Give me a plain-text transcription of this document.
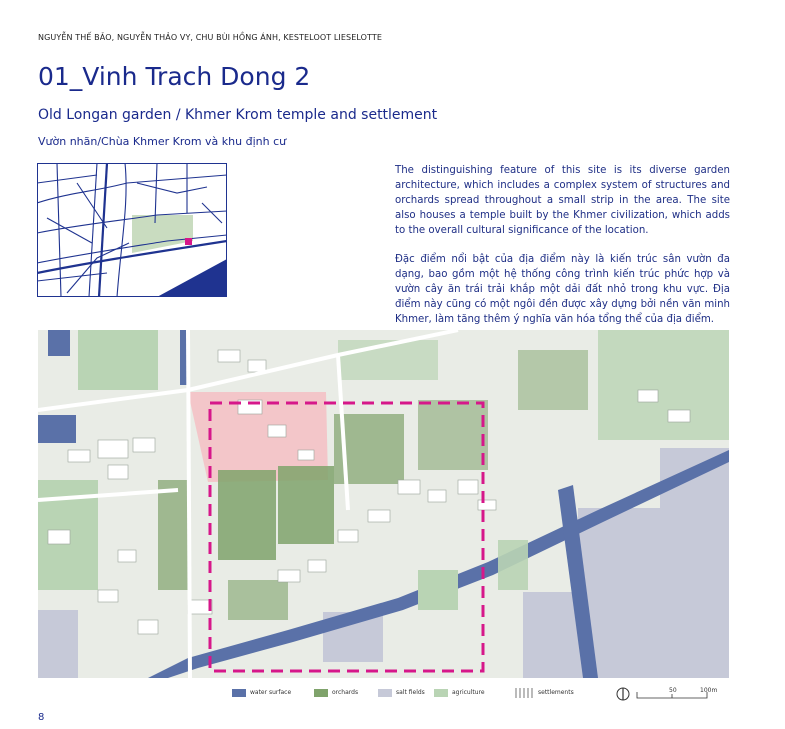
NGUYỄN THẾ BẢO, NGUYỄN THẢO VY, CHU BÙI HỒNG ÁNH, KESTELOOT LIESELOTTE
01_Vinh Trach Dong 2
Old Longan garden / Khmer Krom temple and settlement
Vườn nhãn/Chùa Khmer Krom và khu định cư
The distinguishing feature of this site is its diverse garden architecture, which includes a complex system of structures and orchards spread throughout a small strip in the area. The site also houses a temple built by the Khmer civilization, which adds to the overall cultural significance of the location.
Đặc điểm nổi bật của địa điểm này là kiến trúc sân vườn đa dạng, bao gồm một hệ thống công trình kiến trúc phức hợp và vườn cây ăn trái trải khắp một dải đất nhỏ trong khu vực. Địa điểm này cũng có một ngôi đền được xây dựng bởi nền văn minh Khmer, làm tăng thêm ý nghĩa văn hóa tổng thể của địa điểm.
water surface	orchards	salt fields	agriculture	settlements	50	100m
8
